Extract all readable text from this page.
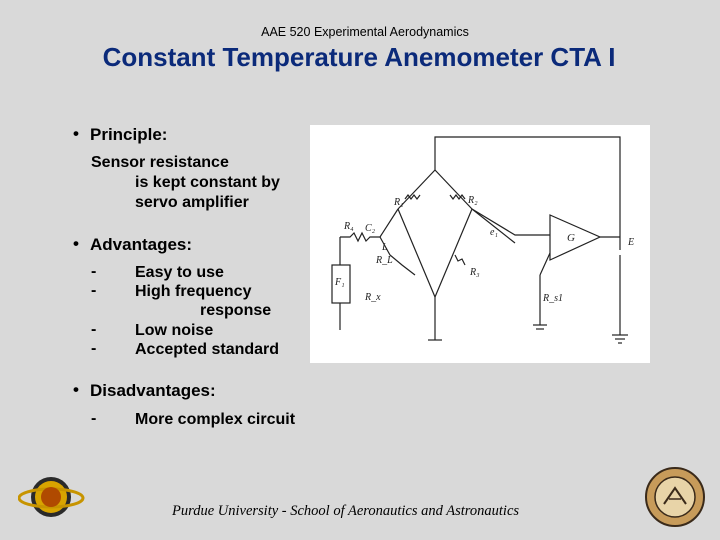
AAE 520 Experimental Aerodynamics
Constant Temperature Anemometer CTA I
• Principle:
Sensor resistance
is kept constant by
servo amplifier
• Advantages:
-
-
-
-
Easy to use
High frequency
response
Low noise
Accepted standard
• Disadvantages:
- More complex circuit
R₁	R₂
R₄ C₂
L
R_L
R₃
R_x
e₁	G	E
R_s1
F₁
Purdue University - School of Aeronautics and Astronautics
